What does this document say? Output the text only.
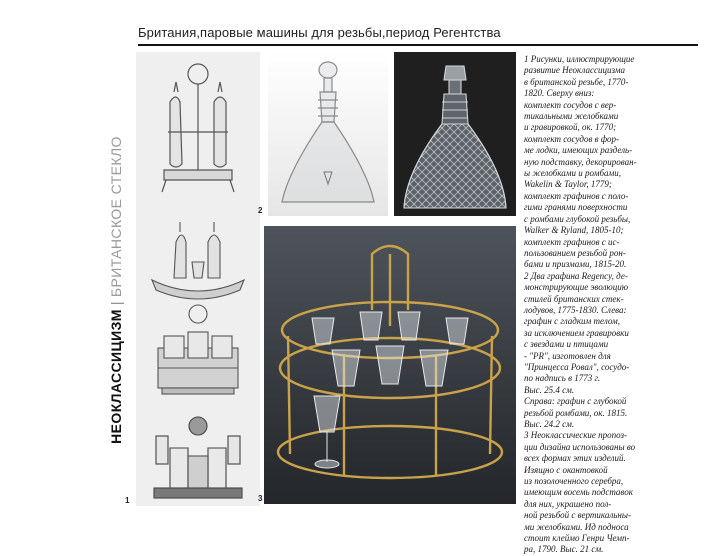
Британия,паровые машины для резьбы,период Регентства
НЕОКЛАССИЦИЗМ|БРИТАНСКОЕ СТЕКЛО
1
2
3

1 Рисунки, иллюстрирующие

развитие Неоклассицизма

в британской резьбе, 1770-

1820. Сверху вниз:

комплект сосудов с вер-

тикальными желобками

и гравировкой, ок. 1770;

комплект сосудов в фор-

ме лодки, имеющих раздель-

ную подставку, декорирован-

ы желобками и ромбами,

Wakelin & Taylor, 1779;

комплект графинов с поло-

гими гранями поверхности

с ромбами глубокой резьбы,

Walker & Ryland, 1805-10;

комплект графинов с ис-

пользованием резьбой рон-

бами и призмами, 1815-20.

2 Два графина Regency, де-

монстрирующие эволюцию

стилей британских стек-

лодувов, 1775-1830. Слева:

графин с гладким телом,

за исключением гравировки

с звездами и птицами

- "PR", изготовлен для

"Принцесса Ровал", сосудо-

по надпись в 1773 г.

Выс. 25.4 см.

Справа: графин с глубокой

резьбой ромбами, ок. 1815.

Выс. 24.2 см.

3 Неоклассические пропоз-

ции дизайна использованы во

всех формах этих изделий.

Изящно с окантовкой

из позолоченного серебра,

имеющим восемь подставок

для них, украшено пол-

ной резьбой с вертикальны-

ми желобками. Ид подноса

стоит клеймо Генри Чемп-

ра, 1790. Выс. 21 см.
